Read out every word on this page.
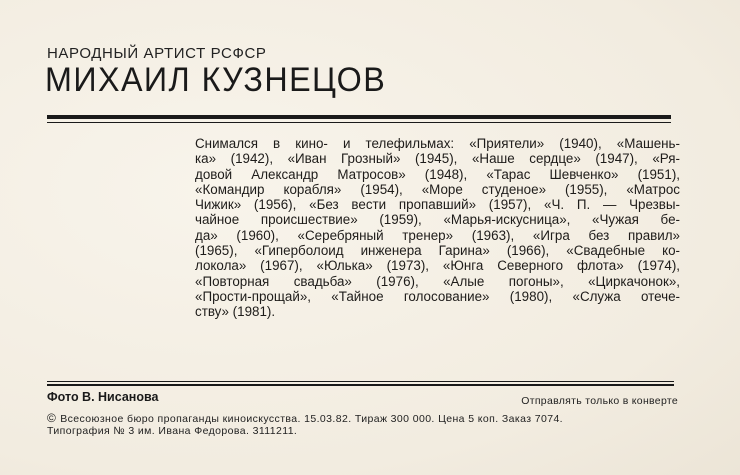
НАРОДНЫЙ АРТИСТ РСФСР
МИХАИЛ КУЗНЕЦОВ
Снимался в кино- и телефильмах: «Приятели» (1940), «Машень-
ка» (1942), «Иван Грозный» (1945), «Наше сердце» (1947), «Ря-
довой Александр Матросов» (1948), «Тарас Шевченко» (1951),
«Командир корабля» (1954), «Море студеное» (1955), «Матрос
Чижик» (1956), «Без вести пропавший» (1957), «Ч. П. — Чрезвы-
чайное происшествие» (1959), «Марья-искусница», «Чужая бе-
да» (1960), «Серебряный тренер» (1963), «Игра без правил»
(1965), «Гиперболоид инженера Гарина» (1966), «Свадебные ко-
локола» (1967), «Юлька» (1973), «Юнга Северного флота» (1974),
«Повторная свадьба» (1976), «Алые погоны», «Циркачонок»,
«Прости-прощай», «Тайное голосование» (1980), «Служа отече-
ству» (1981).
Фото В. Нисанова	Отправлять только в конверте
© Всесоюзное бюро пропаганды киноискусства. 15.03.82. Тираж 300 000. Цена 5 коп. Заказ 7074.
Типография № 3 им. Ивана Федорова. 3111211.
